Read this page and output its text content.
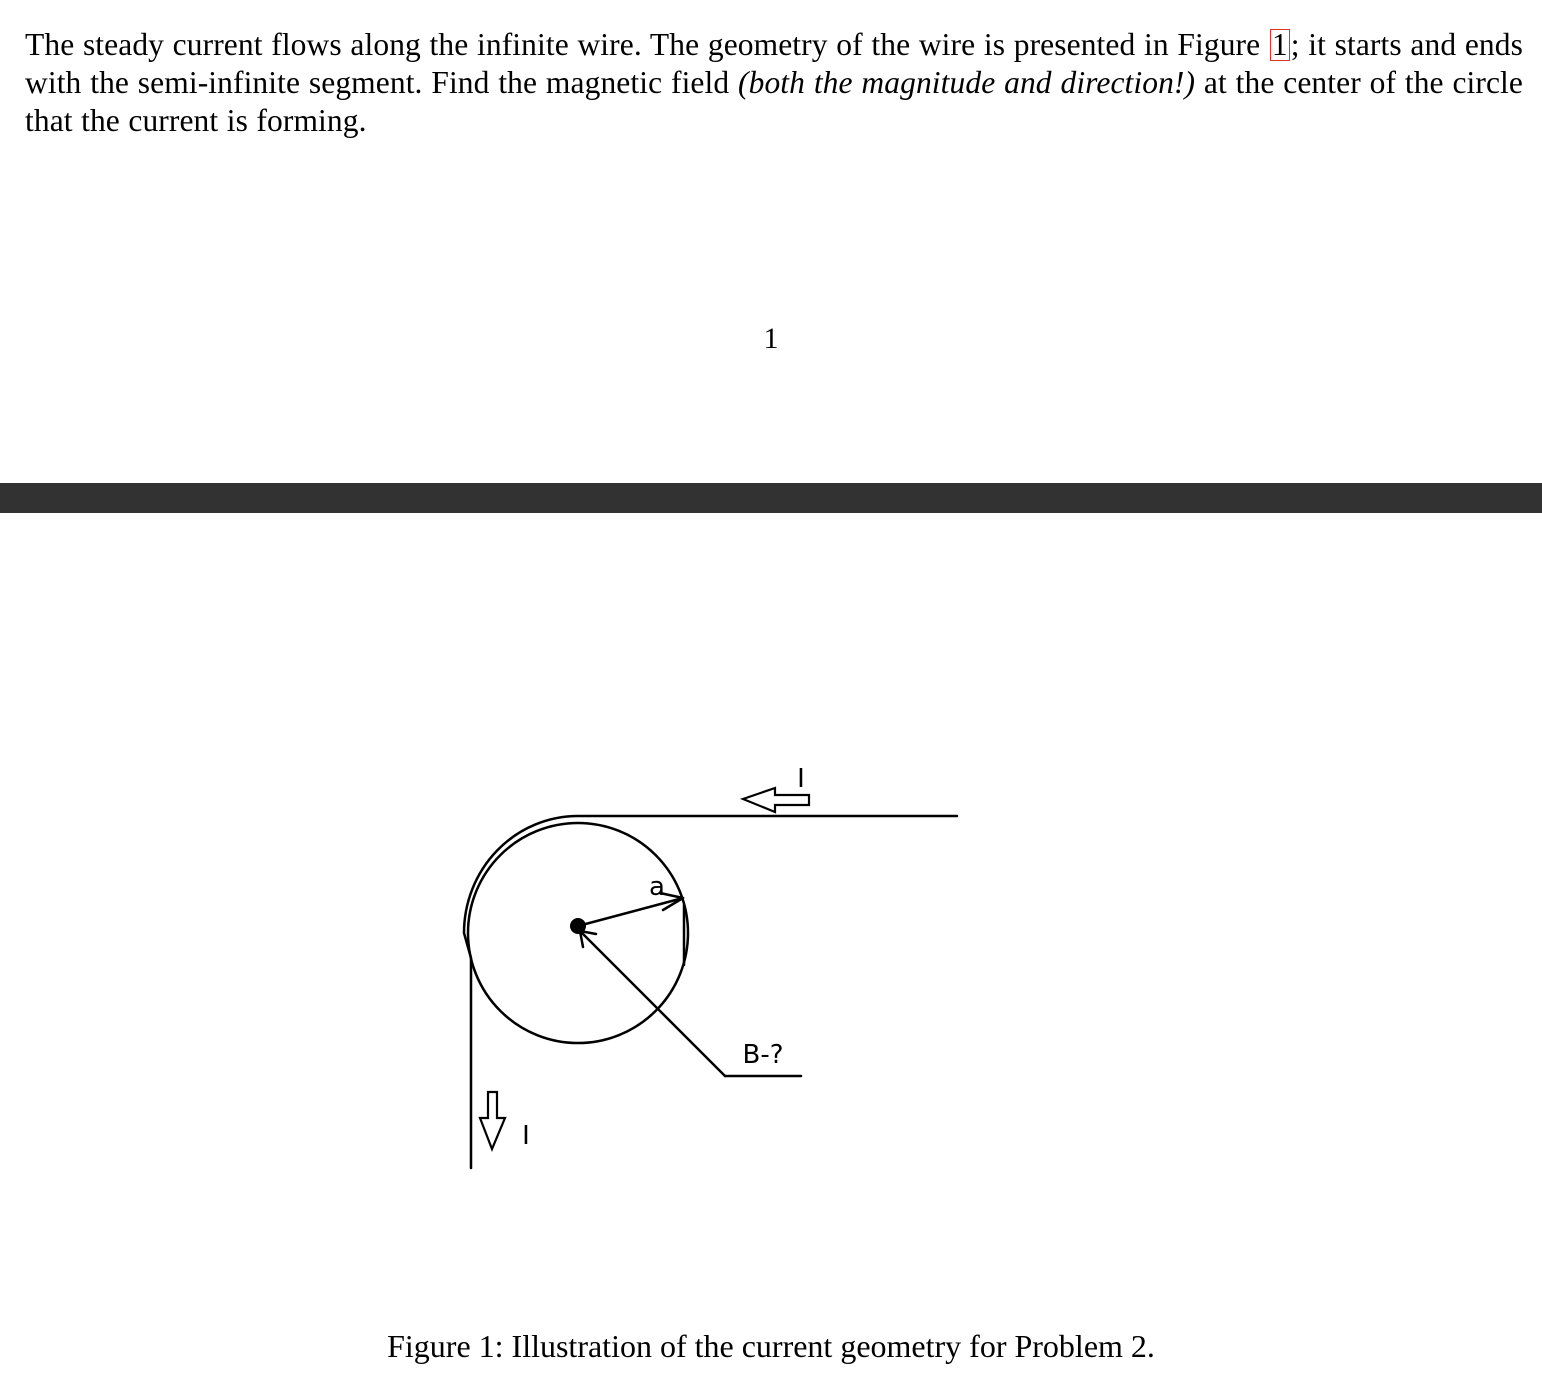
The steady current flows along the infinite wire. The geometry of the wire is presented in Figure 1; it starts and ends with the semi-infinite segment. Find the magnetic field (both the magnitude and direction!) at the center of the circle that the current is forming.

1
I
I
a
B-?
Figure 1: Illustration of the current geometry for Problem 2.
